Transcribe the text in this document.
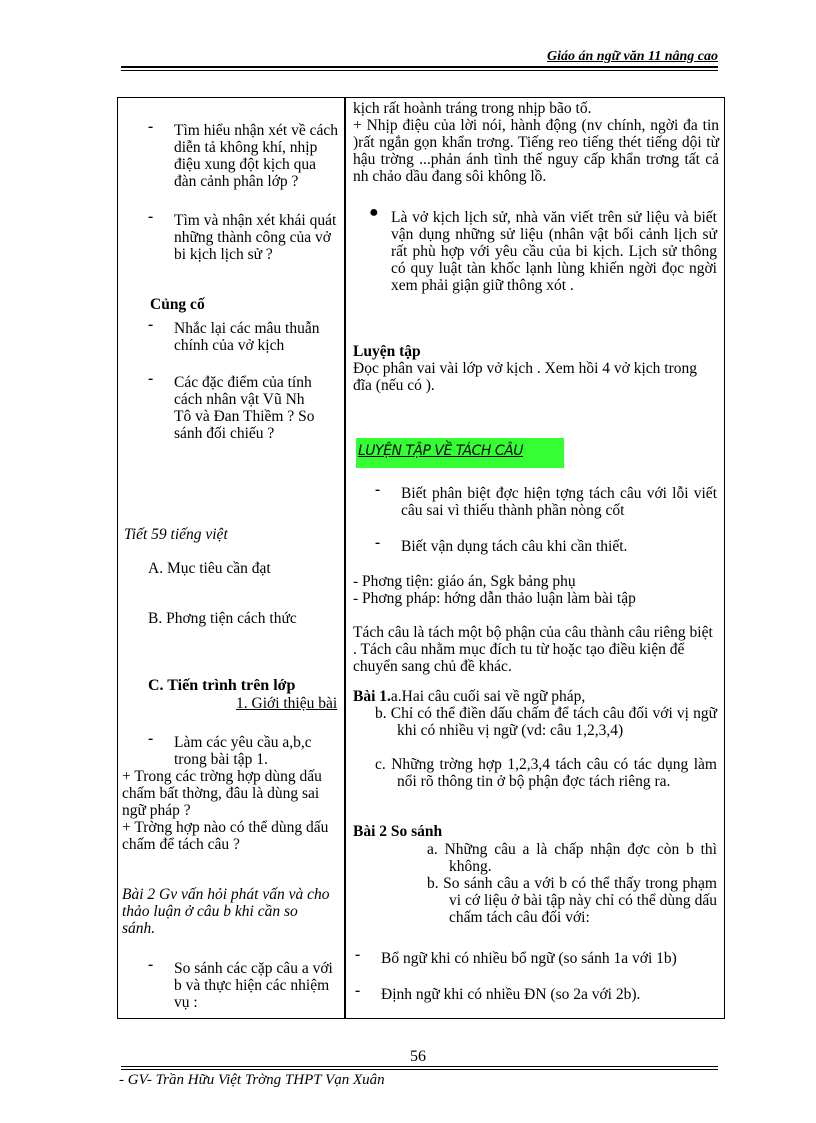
Giáo án ngữ văn 11 nâng cao
- Tìm hiểu nhận xét về cách diễn tả không khí, nhịp điệu xung đột kịch qua đàn cảnh phân lớp ?
- Tìm và nhận xét khái quát những thành công của vở bi kịch lịch sử ?
Củng cố
- Nhắc lại các mâu thuẫn chính của vở kịch
- Các đặc điểm của tính cách nhân vật Vũ Nh Tô và Đan Thiềm ? So sánh đối chiếu ?
Tiết 59 tiếng việt
A. Mục tiêu cần đạt
B. Phơng tiện cách thức
C. Tiến trình trên lớp
1. Giới thiệu bài
- Làm các yêu cầu a,b,c trong bài tập 1.
+ Trong các trờng hợp dùng dấu chấm bất thờng, đâu là dùng sai ngữ pháp ?
+ Trờng hợp nào có thể dùng dấu chấm để tách câu ?
Bài 2 Gv vấn hỏi phát vấn và cho thảo luận ở câu b khi cần so sánh.
- So sánh các cặp câu a với b và thực hiện các nhiệm vụ :
kịch rất hoành tráng trong nhịp bão tố.
+ Nhịp điệu của lời nói, hành động (nv chính, ngời đa tin )rất ngắn gọn khẩn trơng. Tiếng reo tiếng thét tiếng dội từ hậu trờng ...phản ánh tình thế nguy cấp khẩn trơng tất cả nh chảo dầu đang sôi không lồ.
● Là vở kịch lịch sử, nhà văn viết trên sử liệu và biết vận dụng những sử liệu (nhân vật bối cảnh lịch sử rất phù hợp với yêu cầu của bi kịch. Lịch sử thông có quy luật tàn khốc lạnh lùng khiến ngời đọc ngời xem phải giận giữ thông xót .
Luyện tập
Đọc phân vai vài lớp vở kịch . Xem hồi 4 vở kịch trong đĩa (nếu có ).
LUYỆN TẬP VỀ TÁCH CÂU
- Biết phân biệt đợc hiện tợng tách câu với lỗi viết câu sai vì thiếu thành phần nòng cốt
- Biết vận dụng tách câu khi cần thiết.
- Phơng tiện: giáo án, Sgk bảng phụ
- Phơng pháp: hớng dẫn thảo luận làm bài tập
Tách câu là tách một bộ phận của câu thành câu riêng biệt . Tách câu nhằm mục đích tu từ hoặc tạo điều kiện để chuyển sang chủ đề khác.
Bài 1.a.Hai câu cuối sai về ngữ pháp,
b. Chỉ có thể điền dấu chấm để tách câu đối với vị ngữ khi có nhiều vị ngữ (vd: câu 1,2,3,4)
c. Những trờng hợp 1,2,3,4 tách câu có tác dụng làm nổi rõ thông tin ở bộ phận đợc tách riêng ra.
Bài 2 So sánh
a. Những câu a là chấp nhận đợc còn b thì không.
b. So sánh câu a với b có thể thấy trong phạm vi cớ liệu ở bài tập này chỉ có thể dùng dấu chấm tách câu đối với:
- Bổ ngữ khi có nhiều bổ ngữ (so sánh 1a với 1b)
- Định ngữ khi có nhiều ĐN (so 2a với 2b).
56
- GV- Trần Hữu Việt Trờng THPT Vạn Xuân
